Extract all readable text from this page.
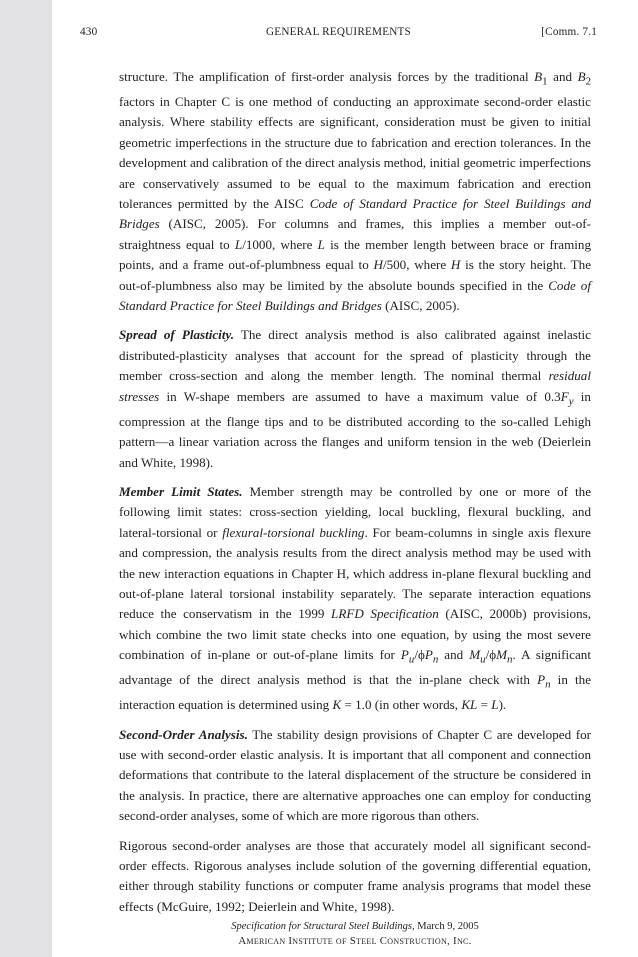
430	GENERAL REQUIREMENTS	[Comm. 7.1

structure. The amplification of first-order analysis forces by the traditional $B_1$ and $B_2$ factors in Chapter C is one method of conducting an approximate second-order elastic analysis. Where stability effects are significant, consideration must be given to initial geometric imperfections in the structure due to fabrication and erection tolerances. In the development and calibration of the direct analysis method, initial geometric imperfections are conservatively assumed to be equal to the maximum fabrication and erection tolerances permitted by the AISC Code of Standard Practice for Steel Buildings and Bridges (AISC, 2005). For columns and frames, this implies a member out-of-straightness equal to L/1000, where L is the member length between brace or framing points, and a frame out-of-plumbness equal to H/500, where H is the story height. The out-of-plumbness also may be limited by the absolute bounds specified in the Code of Standard Practice for Steel Buildings and Bridges (AISC, 2005).

Spread of Plasticity. The direct analysis method is also calibrated against inelastic distributed-plasticity analyses that account for the spread of plasticity through the member cross-section and along the member length. The nominal thermal residual stresses in W-shape members are assumed to have a maximum value of $0.3F_y$ in compression at the flange tips and to be distributed according to the so-called Lehigh pattern—a linear variation across the flanges and uniform tension in the web (Deierlein and White, 1998).

Member Limit States. Member strength may be controlled by one or more of the following limit states: cross-section yielding, local buckling, flexural buckling, and lateral-torsional or flexural-torsional buckling. For beam-columns in single axis flexure and compression, the analysis results from the direct analysis method may be used with the new interaction equations in Chapter H, which address in-plane flexural buckling and out-of-plane lateral torsional instability separately. The separate interaction equations reduce the conservatism in the 1999 LRFD Specification (AISC, 2000b) provisions, which combine the two limit state checks into one equation, by using the most severe combination of in-plane or out-of-plane limits for $P_u/\phi P_n$ and $M_u/\phi M_n$. A significant advantage of the direct analysis method is that the in-plane check with $P_n$ in the interaction equation is determined using K = 1.0 (in other words, KL = L).

Second-Order Analysis. The stability design provisions of Chapter C are developed for use with second-order elastic analysis. It is important that all component and connection deformations that contribute to the lateral displacement of the structure be considered in the analysis. In practice, there are alternative approaches one can employ for conducting second-order analyses, some of which are more rigorous than others.

Rigorous second-order analyses are those that accurately model all significant second-order effects. Rigorous analyses include solution of the governing differential equation, either through stability functions or computer frame analysis programs that model these effects (McGuire, 1992; Deierlein and White, 1998).

Specification for Structural Steel Buildings, March 9, 2005
American Institute of Steel Construction, Inc.
